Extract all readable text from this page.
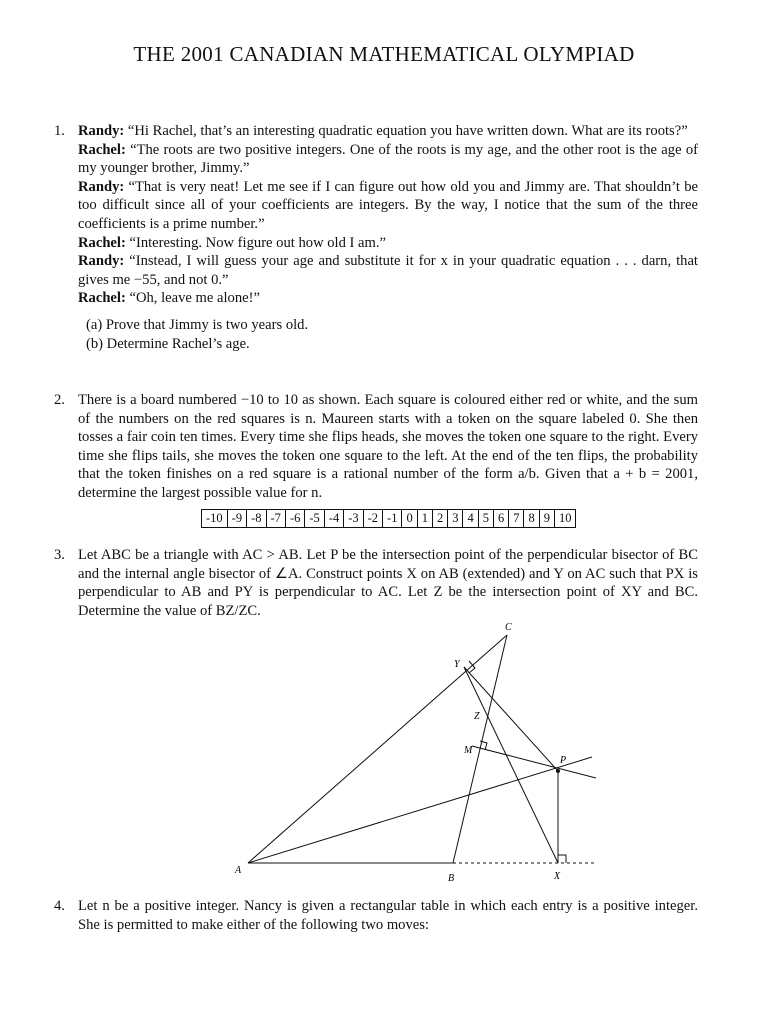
THE 2001 CANADIAN MATHEMATICAL OLYMPIAD
1. Randy: “Hi Rachel, that’s an interesting quadratic equation you have written down. What are its roots?”
Rachel: “The roots are two positive integers. One of the roots is my age, and the other root is the age of my younger brother, Jimmy.”
Randy: “That is very neat! Let me see if I can figure out how old you and Jimmy are. That shouldn’t be too difficult since all of your coefficients are integers. By the way, I notice that the sum of the three coefficients is a prime number.”
Rachel: “Interesting. Now figure out how old I am.”
Randy: “Instead, I will guess your age and substitute it for x in your quadratic equation . . . darn, that gives me −55, and not 0.”
Rachel: “Oh, leave me alone!”
(a) Prove that Jimmy is two years old.
(b) Determine Rachel’s age.
2. There is a board numbered −10 to 10 as shown. Each square is coloured either red or white, and the sum of the numbers on the red squares is n. Maureen starts with a token on the square labeled 0. She then tosses a fair coin ten times. Every time she flips heads, she moves the token one square to the right. Every time she flips tails, she moves the token one square to the left. At the end of the ten flips, the probability that the token finishes on a red square is a rational number of the form a/b. Given that a + b = 2001, determine the largest possible value for n.
-10	-9	-8	-7	-6	-5	-4	-3	-2	-1	0	1	2	3	4	5	6	7	8	9	10
3. Let ABC be a triangle with AC > AB. Let P be the intersection point of the perpendicular bisector of BC and the internal angle bisector of ∠A. Construct points X on AB (extended) and Y on AC such that PX is perpendicular to AB and PY is perpendicular to AC. Let Z be the intersection point of XY and BC. Determine the value of BZ/ZC.
A
B
C
X
Y
Z
M
P
4. Let n be a positive integer. Nancy is given a rectangular table in which each entry is a positive integer. She is permitted to make either of the following two moves:
